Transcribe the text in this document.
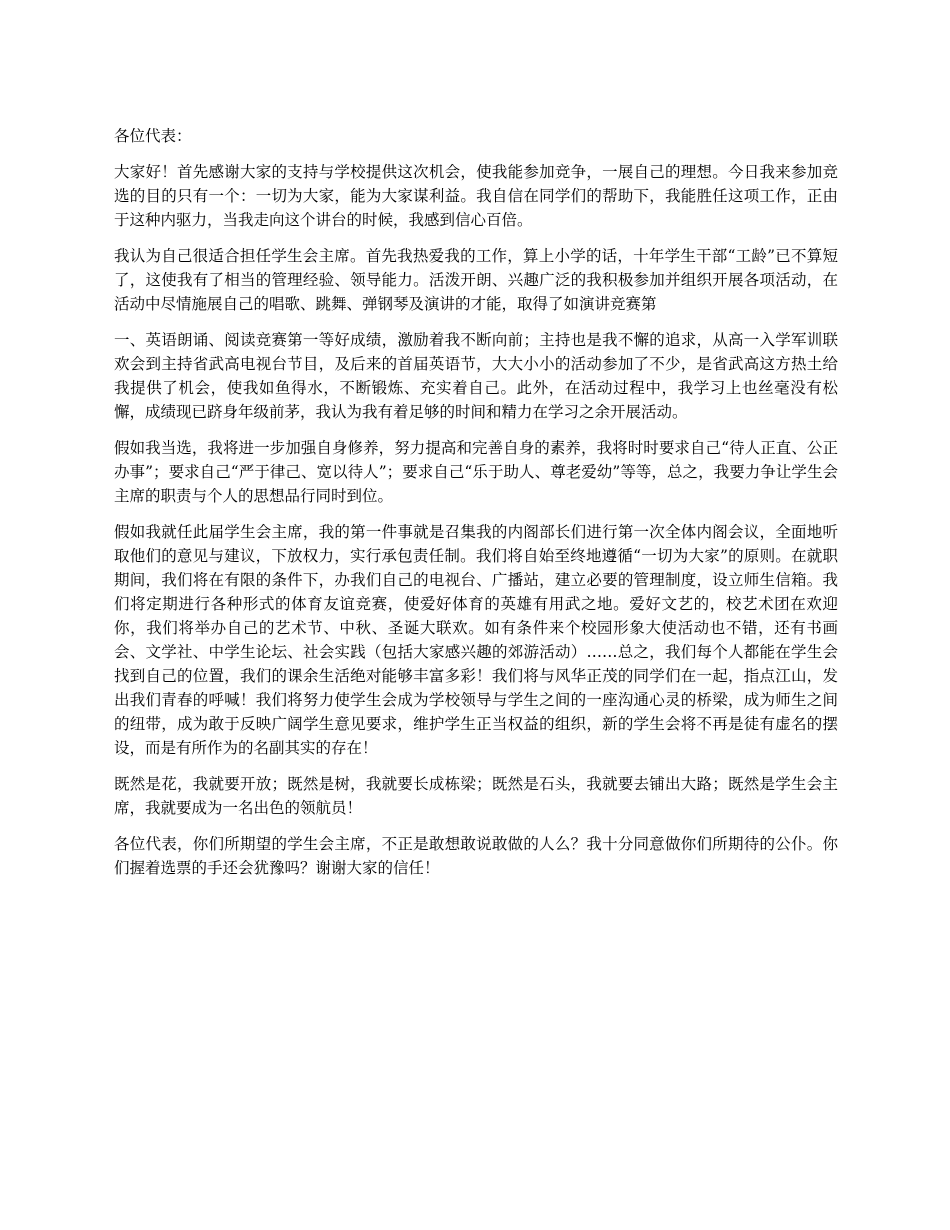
各位代表：

大家好！首先感谢大家的支持与学校提供这次机会，使我能参加竞争，一展自己的理想。今日我来参加竞选的目的只有一个：一切为大家，能为大家谋利益。我自信在同学们的帮助下，我能胜任这项工作，正由于这种内驱力，当我走向这个讲台的时候，我感到信心百倍。

我认为自己很适合担任学生会主席。首先我热爱我的工作，算上小学的话，十年学生干部“工龄”已不算短了，这使我有了相当的管理经验、领导能力。活泼开朗、兴趣广泛的我积极参加并组织开展各项活动，在活动中尽情施展自己的唱歌、跳舞、弹钢琴及演讲的才能，取得了如演讲竞赛第

一、英语朗诵、阅读竞赛第一等好成绩，激励着我不断向前；主持也是我不懈的追求，从高一入学军训联欢会到主持省武高电视台节目，及后来的首届英语节，大大小小的活动参加了不少，是省武高这方热土给我提供了机会，使我如鱼得水，不断锻炼、充实着自己。此外，在活动过程中，我学习上也丝毫没有松懈，成绩现已跻身年级前茅，我认为我有着足够的时间和精力在学习之余开展活动。

假如我当选，我将进一步加强自身修养，努力提高和完善自身的素养，我将时时要求自己“待人正直、公正办事”；要求自己“严于律己、宽以待人”；要求自己“乐于助人、尊老爱幼”等等，总之，我要力争让学生会主席的职责与个人的思想品行同时到位。

假如我就任此届学生会主席，我的第一件事就是召集我的内阁部长们进行第一次全体内阁会议，全面地听取他们的意见与建议，下放权力，实行承包责任制。我们将自始至终地遵循“一切为大家”的原则。在就职期间，我们将在有限的条件下，办我们自己的电视台、广播站，建立必要的管理制度，设立师生信箱。我们将定期进行各种形式的体育友谊竞赛，使爱好体育的英雄有用武之地。爱好文艺的，校艺术团在欢迎你，我们将举办自己的艺术节、中秋、圣诞大联欢。如有条件来个校园形象大使活动也不错，还有书画会、文学社、中学生论坛、社会实践（包括大家感兴趣的郊游活动）……总之，我们每个人都能在学生会找到自己的位置，我们的课余生活绝对能够丰富多彩！我们将与风华正茂的同学们在一起，指点江山，发出我们青春的呼喊！我们将努力使学生会成为学校领导与学生之间的一座沟通心灵的桥梁，成为师生之间的纽带，成为敢于反映广阔学生意见要求，维护学生正当权益的组织，新的学生会将不再是徒有虚名的摆设，而是有所作为的名副其实的存在！

既然是花，我就要开放；既然是树，我就要长成栋梁；既然是石头，我就要去铺出大路；既然是学生会主席，我就要成为一名出色的领航员！

各位代表，你们所期望的学生会主席，不正是敢想敢说敢做的人么？我十分同意做你们所期待的公仆。你们握着选票的手还会犹豫吗？谢谢大家的信任！
